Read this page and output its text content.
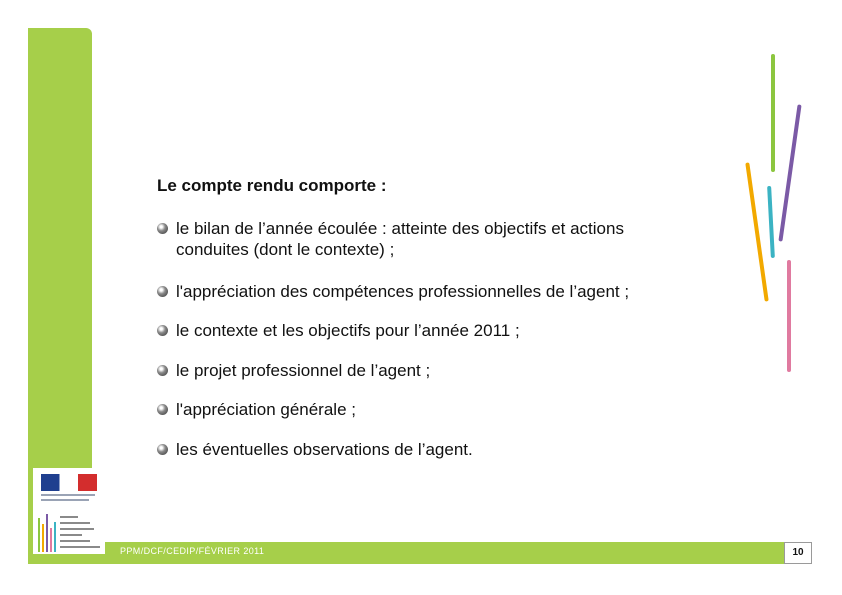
Le compte rendu comporte :
le bilan de l’année écoulée : atteinte des objectifs et actions
conduites (dont le contexte) ;
l'appréciation des compétences professionnelles de l’agent ;
le contexte et les objectifs pour l’année 2011 ;
le projet professionnel de l’agent ;
l'appréciation générale ;
les éventuelles observations de l’agent.
PPM/DCF/CEDIP/FÉVRIER 2011	10
